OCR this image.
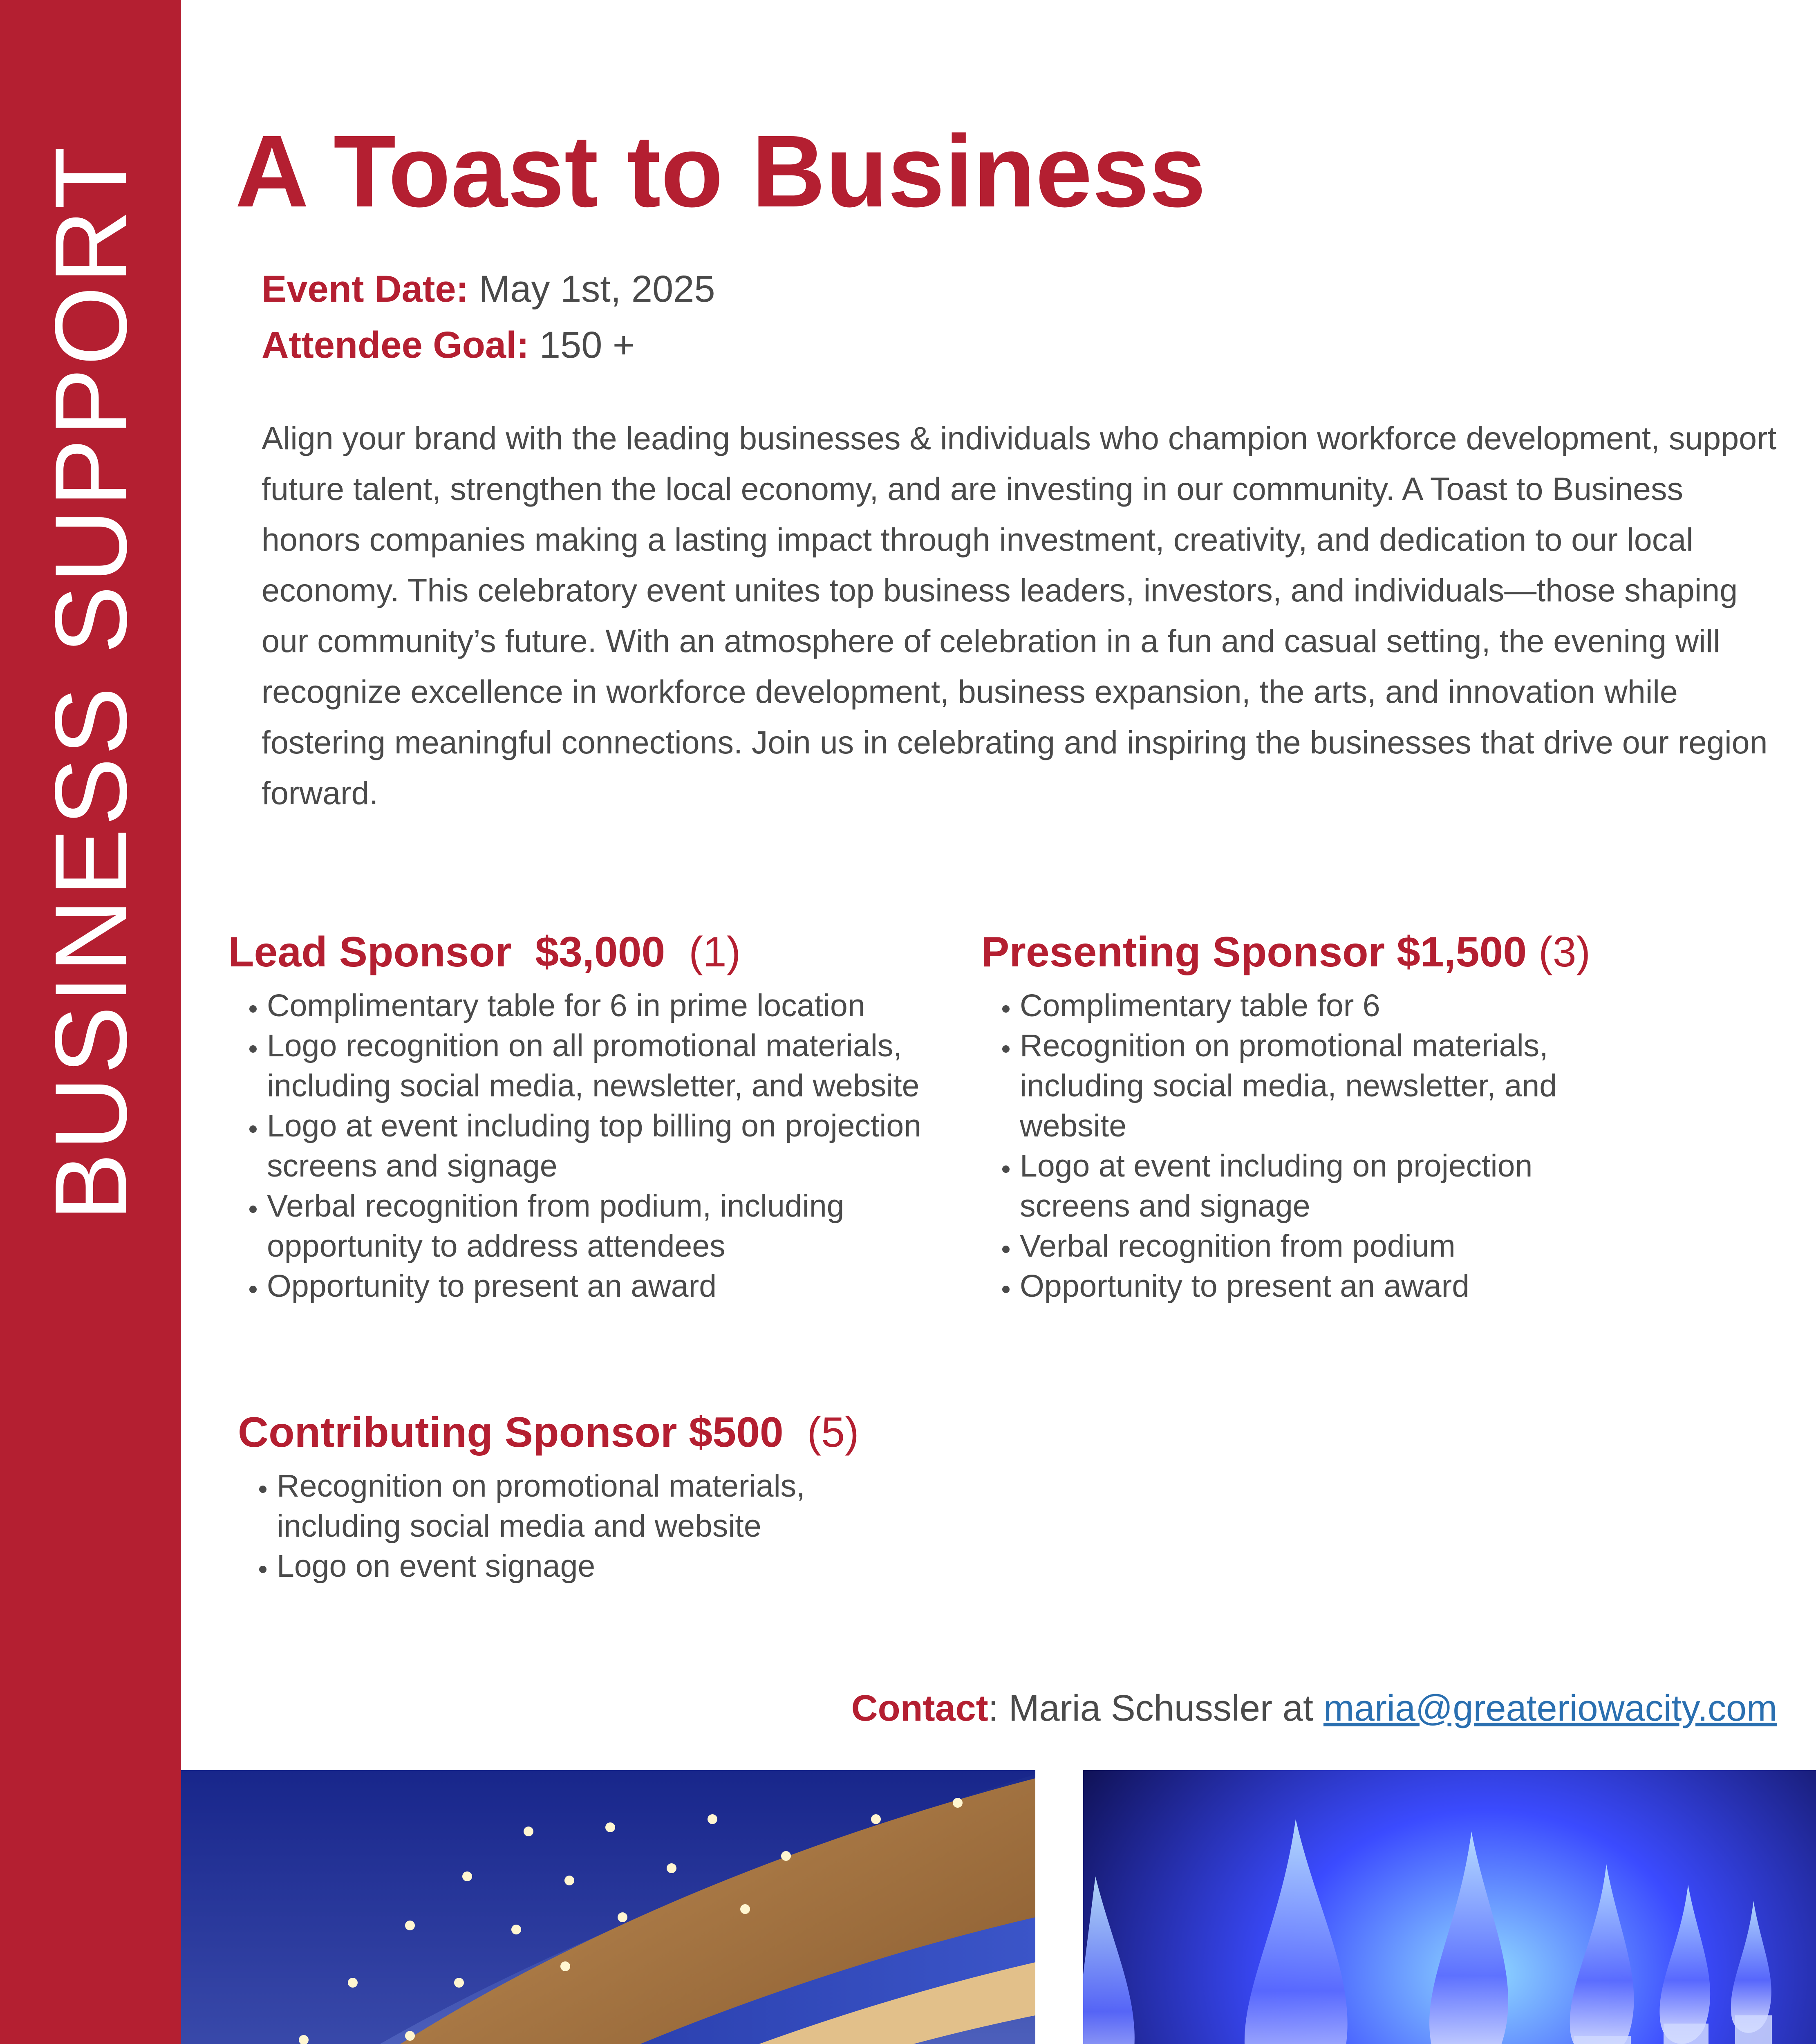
BUSINESS SUPPORT A Toast to Business
Event Date: May 1st, 2025
Attendee Goal: 150 +

Align your brand with the leading businesses & individuals who champion workforce development, support future talent, strengthen the local economy, and are investing in our community. A Toast to Business honors companies making a lasting impact through investment, creativity, and dedication to our local economy. This celebratory event unites top business leaders, investors, and individuals—those shaping our community’s future. With an atmosphere of celebration in a fun and casual setting, the evening will recognize excellence in workforce development, business expansion, the arts, and innovation while fostering meaningful connections. Join us in celebrating and inspiring the businesses that drive our region forward.

Lead Sponsor $3,000 (1)
• Complimentary table for 6 in prime location
• Logo recognition on all promotional materials, including social media, newsletter, and website
• Logo at event including top billing on projection screens and signage
• Verbal recognition from podium, including opportunity to address attendees
• Opportunity to present an award
Presenting Sponsor $1,500 (3)
• Complimentary table for 6
• Recognition on promotional materials, including social media, newsletter, and website
• Logo at event including on projection screens and signage
• Verbal recognition from podium
• Opportunity to present an award
Contributing Sponsor $500 (5)
• Recognition on promotional materials, including social media and website
• Logo on event signage
Contact: Maria Schussler at maria@greateriowacity.com
